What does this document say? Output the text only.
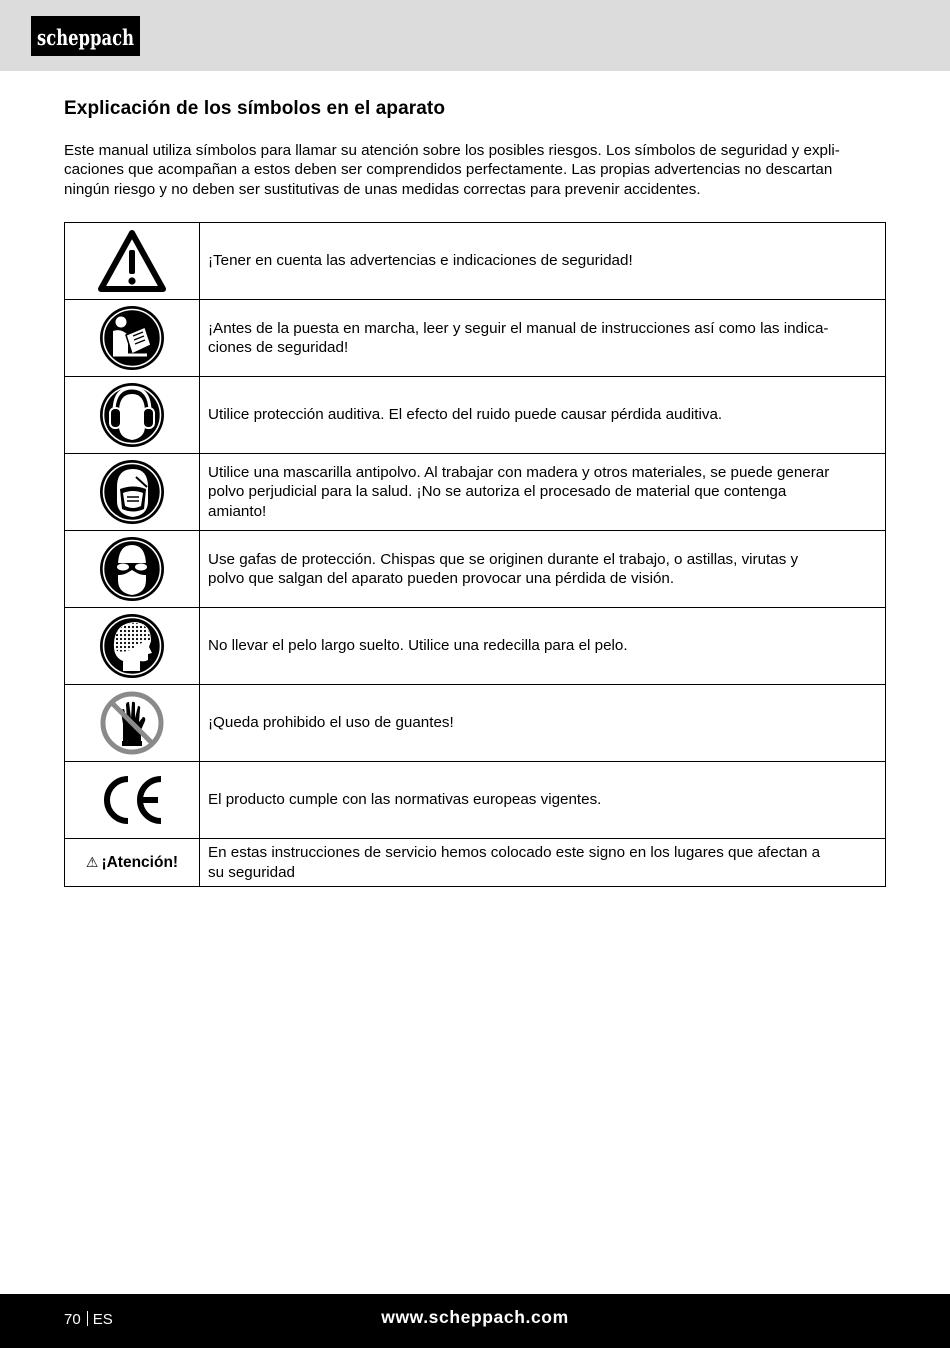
scheppach
Explicación de los símbolos en el aparato

Este manual utiliza símbolos para llamar su atención sobre los posibles riesgos. Los símbolos de seguridad y expli-
caciones que acompañan a estos deben ser comprendidos perfectamente. Las propias advertencias no descartan
ningún riesgo y no deben ser sustitutivas de unas medidas correctas para prevenir accidentes.

¡Tener en cuenta las advertencias e indicaciones de seguridad!

¡Antes de la puesta en marcha, leer y seguir el manual de instrucciones así como las indica-
ciones de seguridad!

Utilice protección auditiva. El efecto del ruido puede causar pérdida auditiva.

Utilice una mascarilla antipolvo. Al trabajar con madera y otros materiales, se puede generar
polvo perjudicial para la salud. ¡No se autoriza el procesado de material que contenga
amianto!

Use gafas de protección. Chispas que se originen durante el trabajo, o astillas, virutas y
polvo que salgan del aparato pueden provocar una pérdida de visión.

No llevar el pelo largo suelto. Utilice una redecilla para el pelo.

¡Queda prohibido el uso de guantes!

El producto cumple con las normativas europeas vigentes.

⚠ ¡Atención!	En estas instrucciones de servicio hemos colocado este signo en los lugares que afectan a
su seguridad
70 ES	www.scheppach.com
